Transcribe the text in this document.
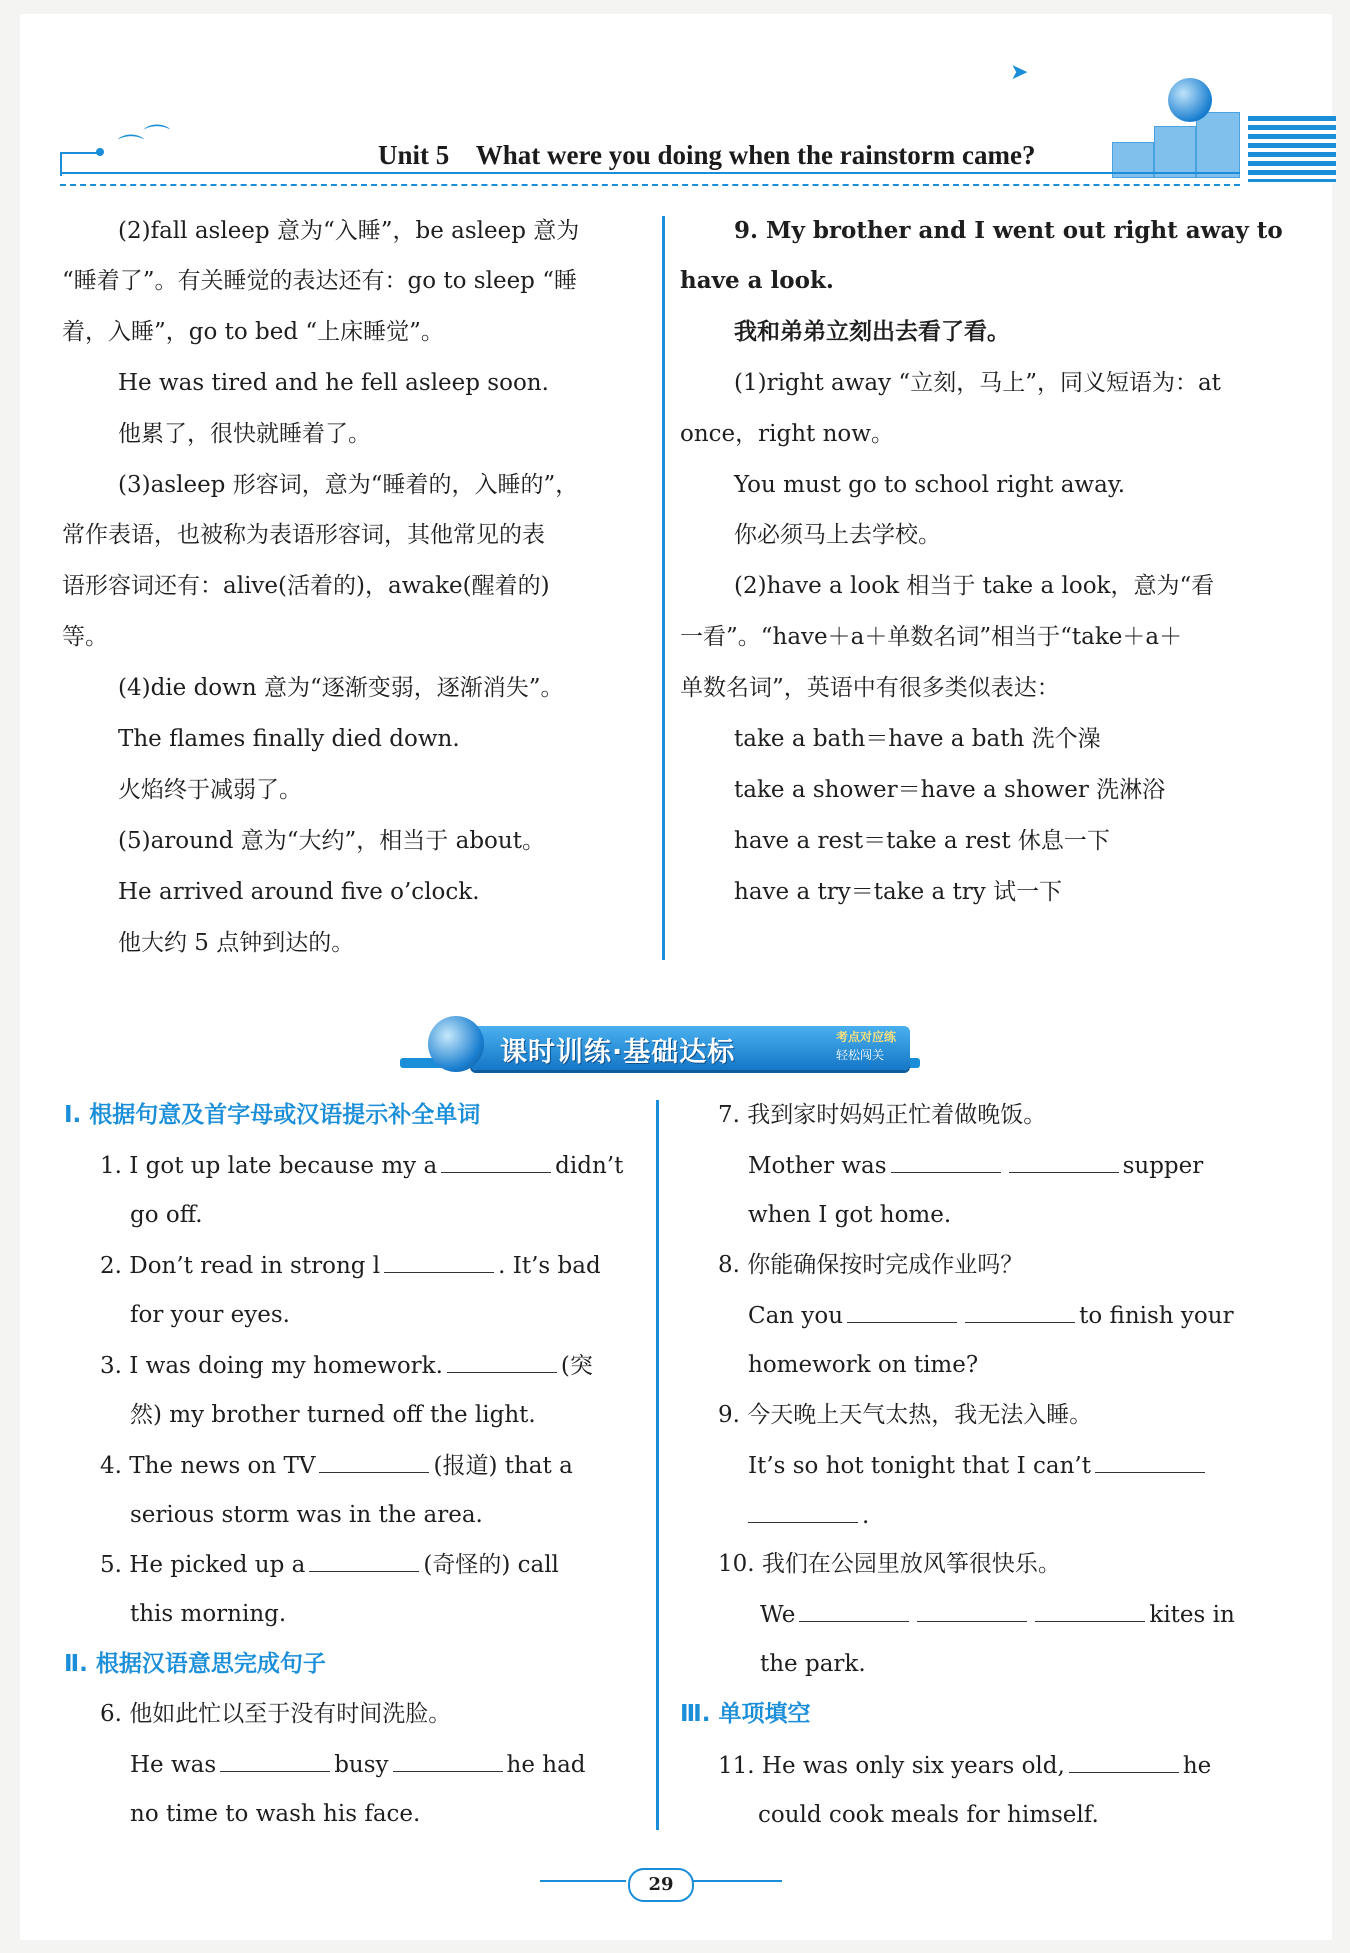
⌒ ⌒
➤
Unit 5    What were you doing when the rainstorm came?
(2)fall asleep 意为“入睡”，be asleep 意为
“睡着了”。有关睡觉的表达还有：go to sleep “睡
着，入睡”，go to bed “上床睡觉”。
He was tired and he fell asleep soon.
他累了，很快就睡着了。
(3)asleep 形容词，意为“睡着的，入睡的”，
常作表语，也被称为表语形容词，其他常见的表
语形容词还有：alive(活着的)，awake(醒着的)
等。
(4)die down 意为“逐渐变弱，逐渐消失”。
The flames finally died down.
火焰终于减弱了。
(5)around 意为“大约”，相当于 about。
He arrived around five o’clock.
他大约 5 点钟到达的。
9. My brother and I went out right away to
have a look.
我和弟弟立刻出去看了看。
(1)right away “立刻，马上”，同义短语为：at
once，right now。
You must go to school right away.
你必须马上去学校。
(2)have a look 相当于 take a look，意为“看
一看”。“have＋a＋单数名词”相当于“take＋a＋
单数名词”，英语中有很多类似表达：
take a bath＝have a bath 洗个澡
take a shower＝have a shower 洗淋浴
have a rest＝take a rest 休息一下
have a try＝take a try 试一下
课时训练·基础达标	考点对应练
轻松闯关
Ⅰ. 根据句意及首字母或汉语提示补全单词
1. I got up late because my a	didn’t
go off.
2. Don’t read in strong l	. It’s bad
for your eyes.
3. I was doing my homework.	(突
然) my brother turned off the light.
4. The news on TV	(报道) that a
serious storm was in the area.
5. He picked up a	(奇怪的) call
this morning.
Ⅱ. 根据汉语意思完成句子
6. 他如此忙以至于没有时间洗脸。
He was	busy	he had
no time to wash his face.
7. 我到家时妈妈正忙着做晚饭。
Mother was	supper
when I got home.
8. 你能确保按时完成作业吗？
Can you	to finish your
homework on time?
9. 今天晚上天气太热，我无法入睡。
It’s so hot tonight that I can’t
.
10. 我们在公园里放风筝很快乐。
We	kites in
the park.
Ⅲ. 单项填空
11. He was only six years old,	he
could cook meals for himself.
29
